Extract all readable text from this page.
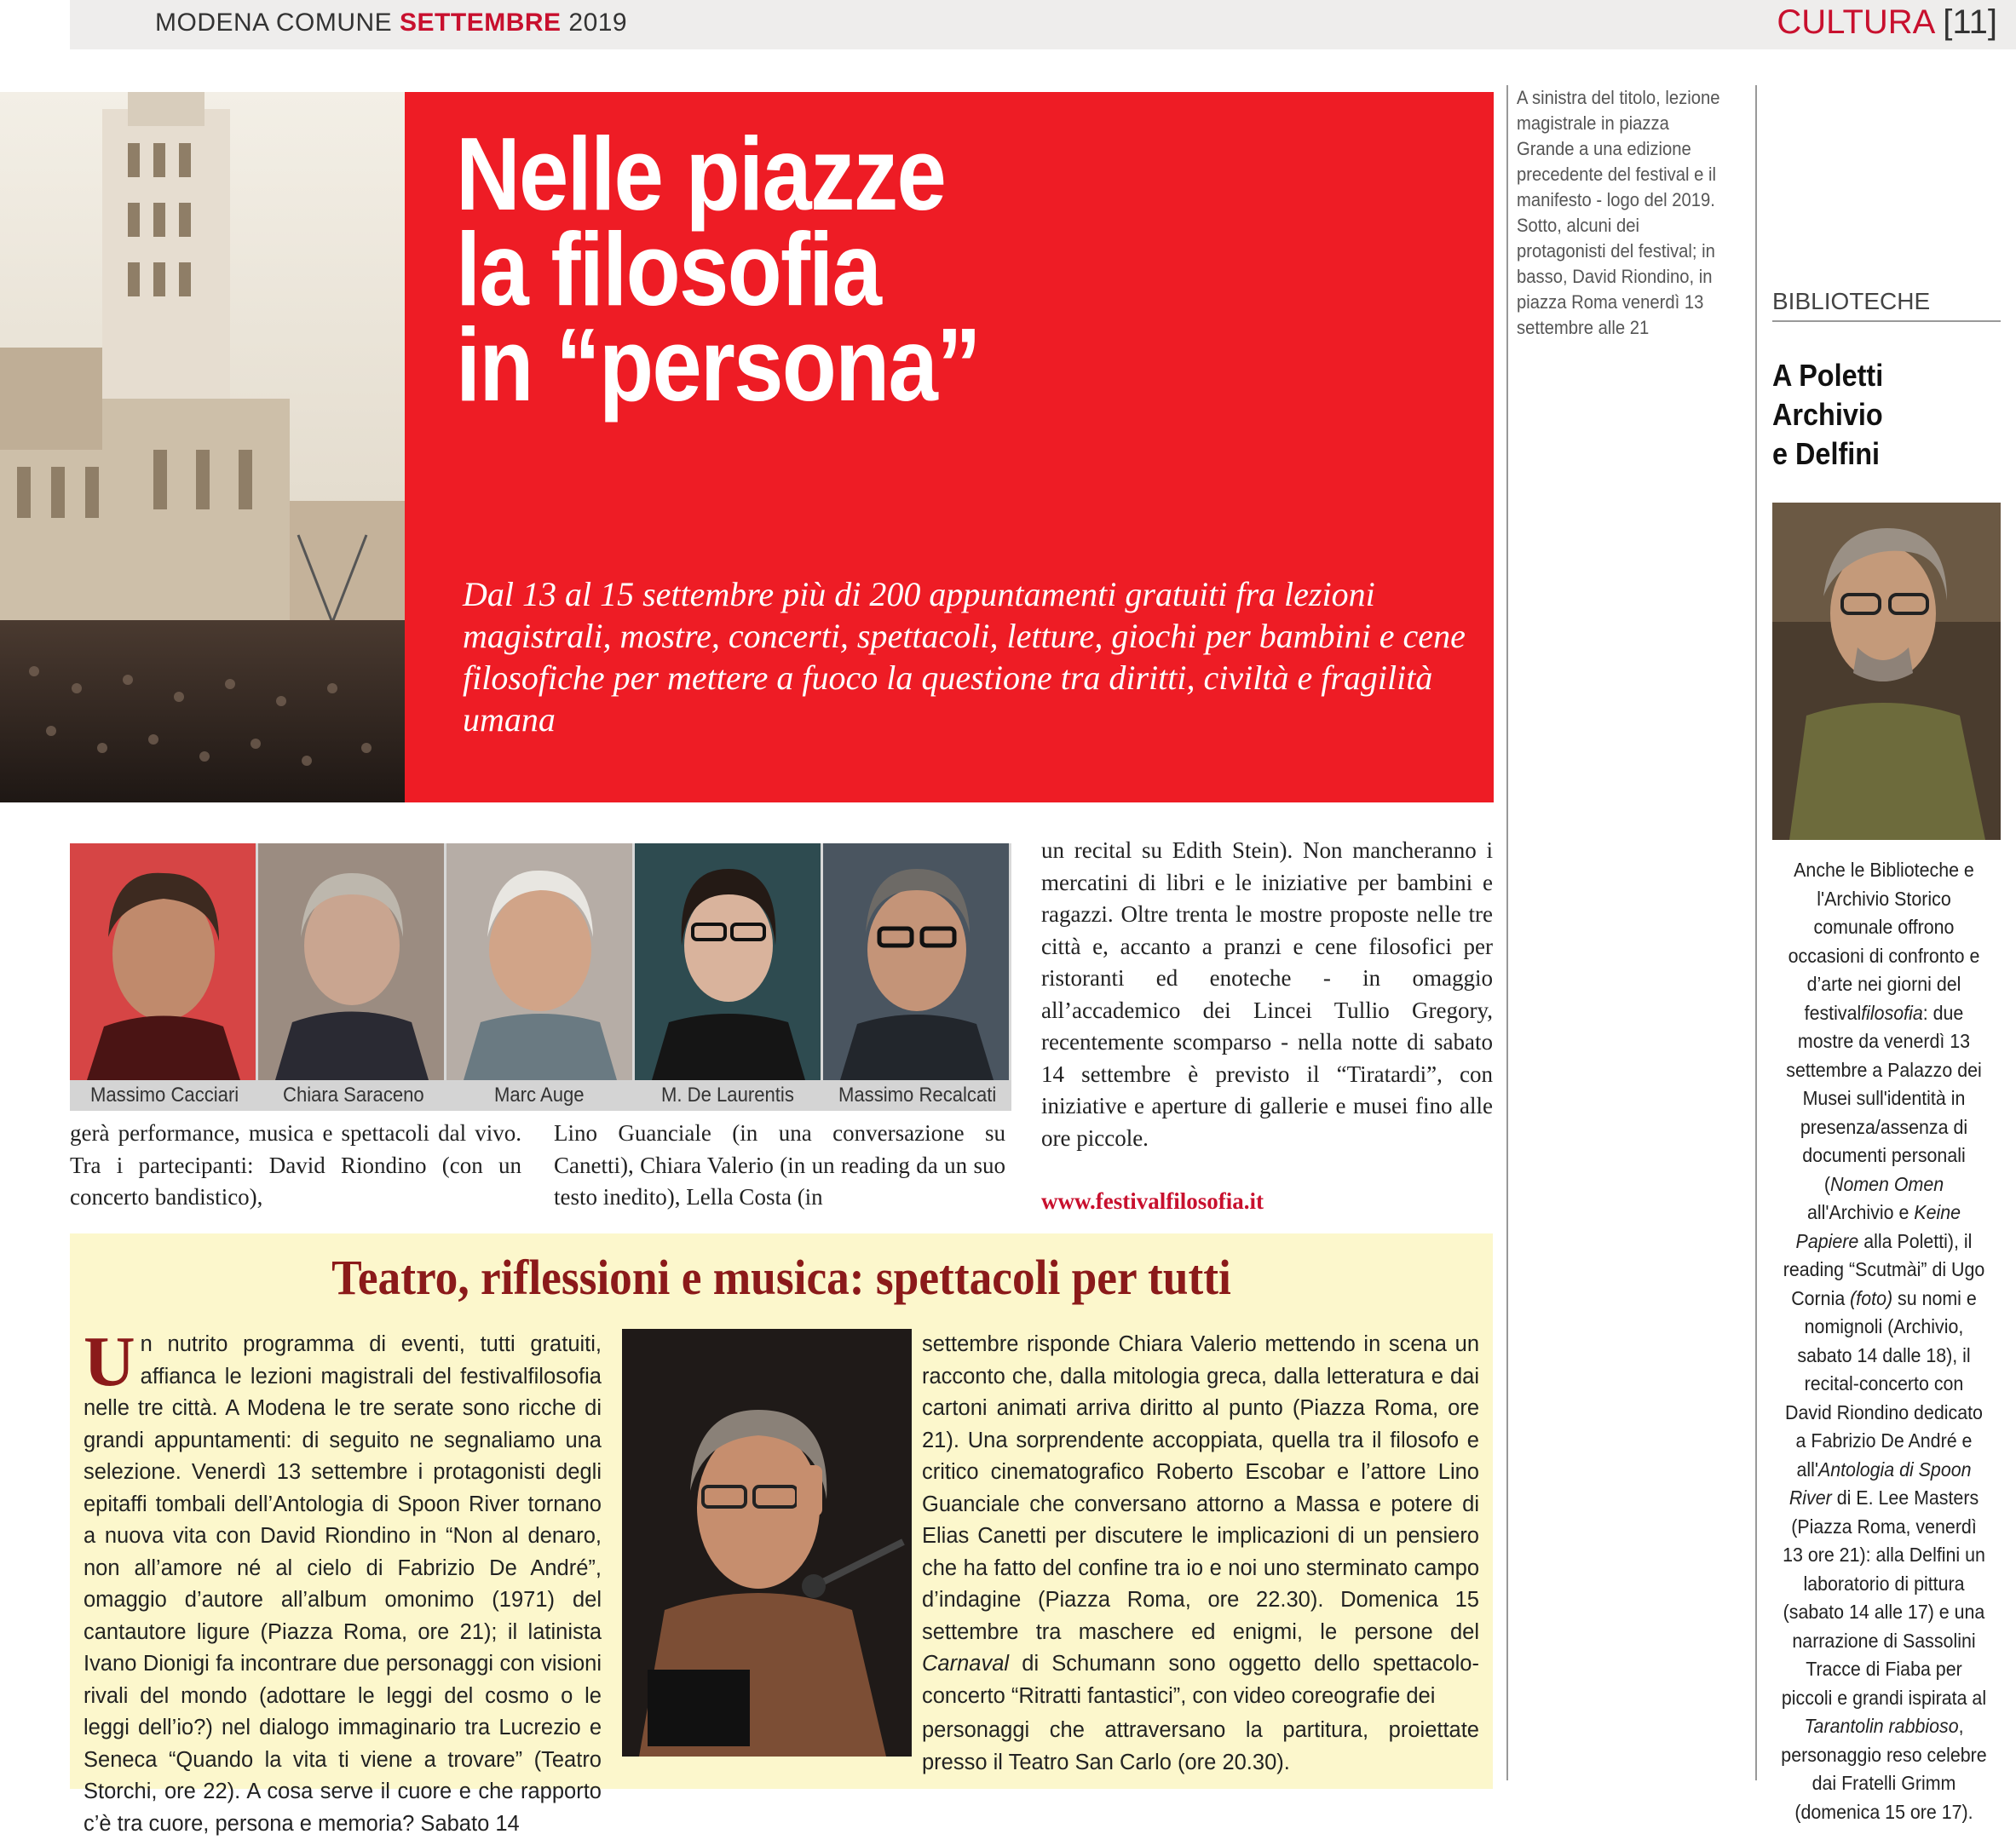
MODENA COMUNE SETTEMBRE 2019	CULTURA [11]
Nelle piazze
la filosofia
in “persona”

Dal 13 al 15 settembre più di 200 appuntamenti gratuiti fra lezioni magistrali, mostre, concerti, spettacoli, letture, giochi per bambini e cene filosofiche per mettere a fuoco la questione tra diritti, civiltà e fragilità umana

A sinistra del titolo, lezione magistrale in piazza Grande a una edizione precedente del festival e il manifesto - logo del 2019. Sotto, alcuni dei protagonisti del festival; in basso, David Riondino, in piazza Roma venerdì 13 settembre alle 21

BIBLIOTECHE
A Poletti
Archivio
e Delfini

Anche le Biblioteche e l'Archivio Storico comunale offrono occasioni di confronto e d’arte nei giorni del festivalfilosofia: due mostre da venerdì 13 settembre a Palazzo dei Musei sull'identità in presenza/assenza di documenti personali (Nomen Omen all'Archivio e Keine Papiere alla Poletti), il reading “Scutmài” di Ugo Cornia (foto) su nomi e nomignoli (Archivio, sabato 14 dalle 18), il recital-concerto con David Riondino dedicato a Fabrizio De André e all'Antologia di Spoon River di E. Lee Masters (Piazza Roma, venerdì 13 ore 21): alla Delfini un laboratorio di pittura (sabato 14 alle 17) e una narrazione di Sassolini Tracce di Fiaba per piccoli e grandi ispirata al Tarantolin rabbioso, personaggio reso celebre dai Fratelli Grimm (domenica 15 ore 17).

Massimo Cacciari Chiara Saraceno	Marc Auge	M. De Laurentis Massimo Recalcati

gerà performance, musica e spettacoli dal vivo. Tra i partecipanti: David Riondino (con un concerto bandistico),

Lino Guanciale (in una conversazione su Canetti), Chiara Valerio (in un reading da un suo testo inedito), Lella Costa (in

un recital su Edith Stein). Non mancheranno i mercatini di libri e le iniziative per bambini e ragazzi. Oltre trenta le mostre proposte nelle tre città e, accanto a pranzi e cene filosofici per ristoranti ed enoteche - in omaggio all’accademico dei Lincei Tullio Gregory, recentemente scomparso - nella notte di sabato 14 settembre è previsto il “Tiratardi”, con iniziative e aperture di gallerie e musei fino alle ore piccole.

www.festivalfilosofia.it
Teatro, riflessioni e musica: spettacoli per tutti

Un nutrito programma di eventi, tutti gratuiti, affianca le lezioni magistrali del festivalfilosofia nelle tre città. A Modena le tre serate sono ricche di grandi appuntamenti: di seguito ne segnaliamo una selezione. Venerdì 13 settembre i protagonisti degli epitaffi tombali dell’Antologia di Spoon River tornano a nuova vita con David Riondino in “Non al denaro, non all’amore né al cielo di Fabrizio De André”, omaggio d’autore all’album omonimo (1971) del cantautore ligure (Piazza Roma, ore 21); il latinista Ivano Dionigi fa incontrare due personaggi con visioni rivali del mondo (adottare le leggi del cosmo o le leggi dell’io?) nel dialogo immaginario tra Lucrezio e Seneca “Quando la vita ti viene a trovare” (Teatro Storchi, ore 22). A cosa serve il cuore e che rapporto c’è tra cuore, persona e memoria? Sabato 14

settembre risponde Chiara Valerio mettendo in scena un racconto che, dalla mitologia greca, dalla letteratura e dai cartoni animati arriva diritto al punto (Piazza Roma, ore 21). Una sorprendente accoppiata, quella tra il filosofo e critico cinematografico Roberto Escobar e l’attore Lino Guanciale che conversano attorno a Massa e potere di Elias Canetti per discutere le implicazioni di un pensiero che ha fatto del confine tra io e noi uno sterminato campo d’indagine (Piazza Roma, ore 22.30). Domenica 15 settembre tra maschere ed enigmi, le persone del Carnaval di Schumann sono oggetto dello spettacolo-concerto “Ritratti fantastici”, con video coreografie dei

personaggi che attraversano la partitura, proiettate presso il Teatro San Carlo (ore 20.30).
